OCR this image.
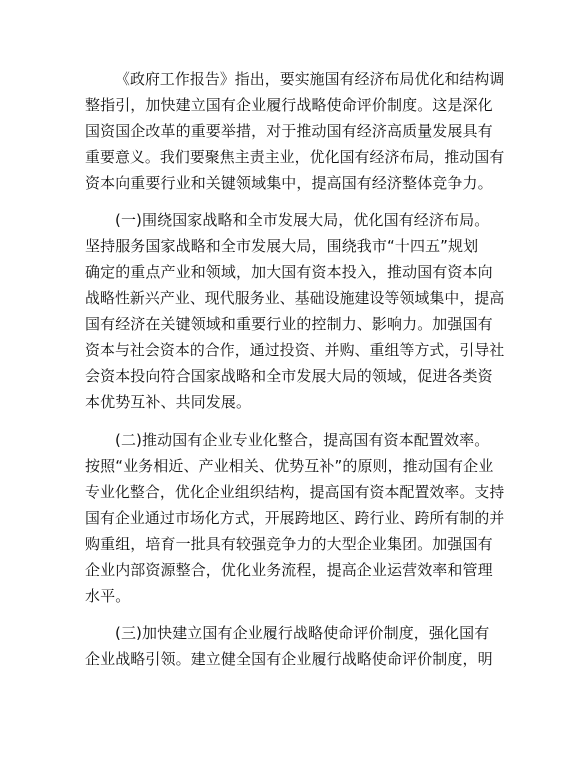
《政府工作报告》指出，要实施国有经济布局优化和结构调
整指引，加快建立国有企业履行战略使命评价制度。这是深化
国资国企改革的重要举措，对于推动国有经济高质量发展具有
重要意义。我们要聚焦主责主业，优化国有经济布局，推动国有
资本向重要行业和关键领域集中，提高国有经济整体竞争力。
(一)围绕国家战略和全市发展大局，优化国有经济布局。
坚持服务国家战略和全市发展大局，围绕我市“十四五”规划
确定的重点产业和领域，加大国有资本投入，推动国有资本向
战略性新兴产业、现代服务业、基础设施建设等领域集中，提高
国有经济在关键领域和重要行业的控制力、影响力。加强国有
资本与社会资本的合作，通过投资、并购、重组等方式，引导社
会资本投向符合国家战略和全市发展大局的领域，促进各类资
本优势互补、共同发展。
(二)推动国有企业专业化整合，提高国有资本配置效率。
按照“业务相近、产业相关、优势互补”的原则，推动国有企业
专业化整合，优化企业组织结构，提高国有资本配置效率。支持
国有企业通过市场化方式，开展跨地区、跨行业、跨所有制的并
购重组，培育一批具有较强竞争力的大型企业集团。加强国有
企业内部资源整合，优化业务流程，提高企业运营效率和管理
水平。
(三)加快建立国有企业履行战略使命评价制度，强化国有
企业战略引领。建立健全国有企业履行战略使命评价制度，明
